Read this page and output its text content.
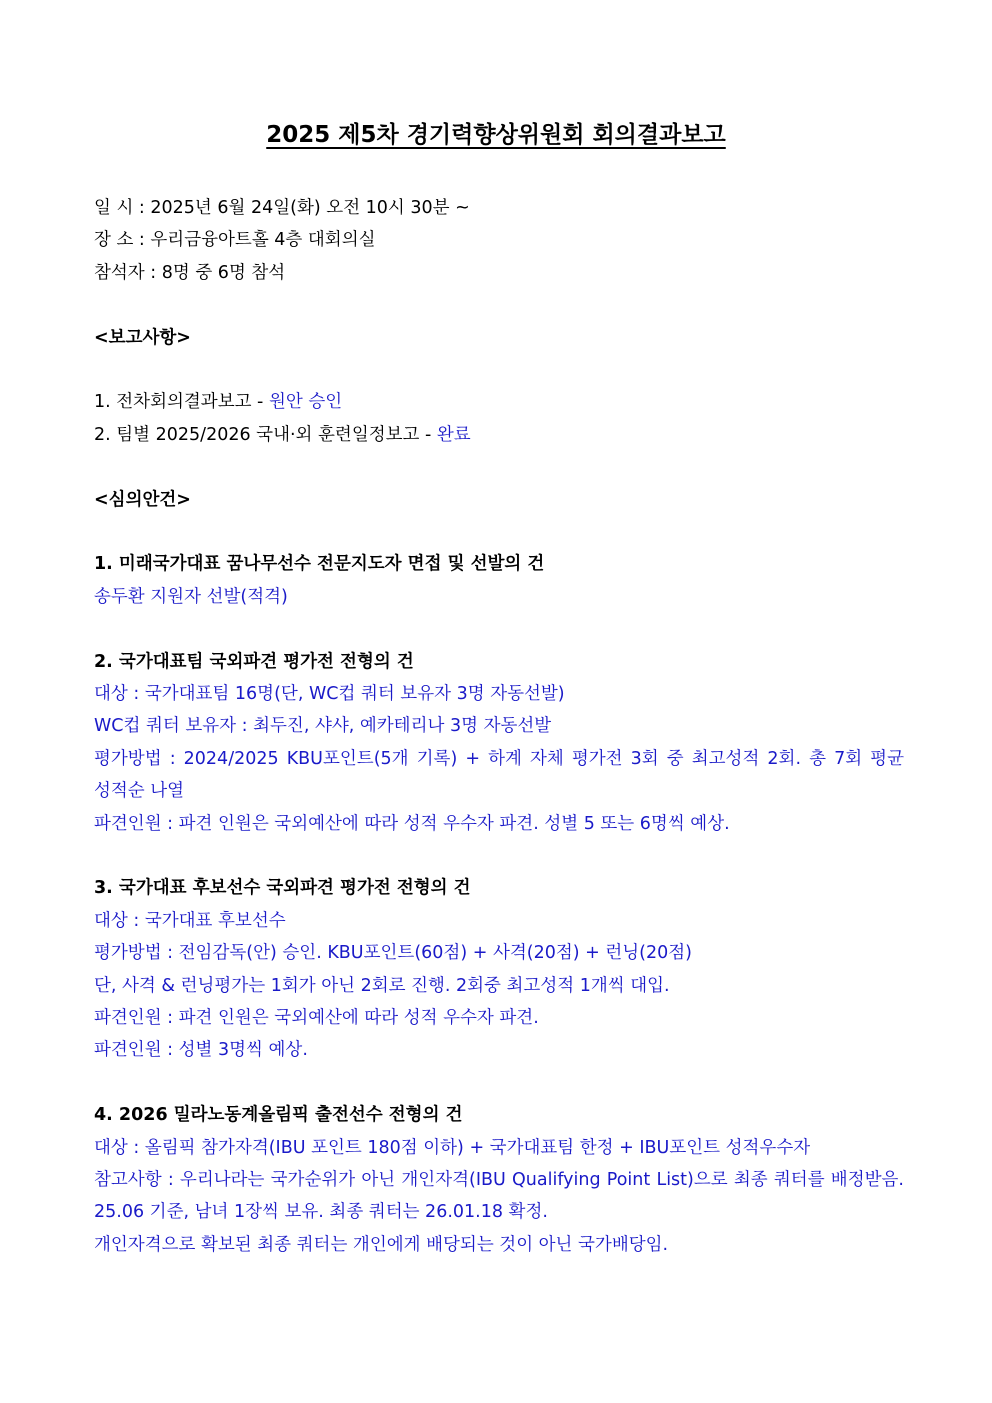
2025 제5차 경기력향상위원회 회의결과보고
일 시 : 2025년 6월 24일(화) 오전 10시 30분 ~
장 소 : 우리금융아트홀 4층 대회의실
참석자 : 8명 중 6명 참석
<보고사항>
1. 전차회의결과보고 - 원안 승인
2. 팀별 2025/2026 국내·외 훈련일정보고 - 완료
<심의안건>
1. 미래국가대표 꿈나무선수 전문지도자 면접 및 선발의 건
송두환 지원자 선발(적격)
2. 국가대표팀 국외파견 평가전 전형의 건
대상 : 국가대표팀 16명(단, WC컵 쿼터 보유자 3명 자동선발)
WC컵 쿼터 보유자 : 최두진, 샤샤, 예카테리나 3명 자동선발
평가방법 : 2024/2025 KBU포인트(5개 기록) + 하계 자체 평가전 3회 중 최고성적 2회. 총 7회 평균 성적순 나열
파견인원 : 파견 인원은 국외예산에 따라 성적 우수자 파견. 성별 5 또는 6명씩 예상.
3. 국가대표 후보선수 국외파견 평가전 전형의 건
대상 : 국가대표 후보선수
평가방법 : 전임감독(안) 승인. KBU포인트(60점) + 사격(20점) + 런닝(20점)
단, 사격 & 런닝평가는 1회가 아닌 2회로 진행. 2회중 최고성적 1개씩 대입.
파견인원 : 파견 인원은 국외예산에 따라 성적 우수자 파견.
파견인원 : 성별 3명씩 예상.
4. 2026 밀라노동계올림픽 출전선수 전형의 건
대상 : 올림픽 참가자격(IBU 포인트 180점 이하) + 국가대표팀 한정 + IBU포인트 성적우수자
참고사항 : 우리나라는 국가순위가 아닌 개인자격(IBU Qualifying Point List)으로 최종 쿼터를 배정받음. 25.06 기준, 남녀 1장씩 보유. 최종 쿼터는 26.01.18 확정.
개인자격으로 확보된 최종 쿼터는 개인에게 배당되는 것이 아닌 국가배당임.
